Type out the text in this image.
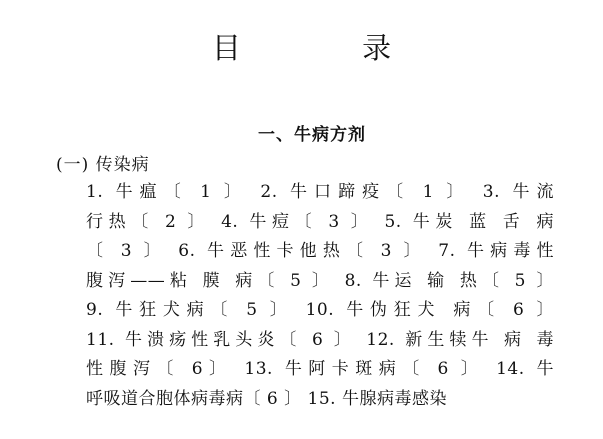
目 录
一、牛病方剂
(一) 传染病
1. 牛瘟〔 1 〕 2. 牛口蹄疫〔 1 〕 3. 牛流
行热〔 2 〕 4. 牛痘〔 3 〕 5. 牛炭 蓝 舌 病
〔 3 〕 6. 牛恶性卡他热〔 3 〕 7. 牛病毒性
腹泻——粘 膜 病〔 5 〕 8. 牛运 输 热〔 5 〕
9. 牛狂犬病〔 5 〕 10. 牛伪狂犬 病〔 6 〕
11. 牛溃疡性乳头炎〔 6 〕 12. 新生犊牛 病 毒
性腹泻〔 6〕 13. 牛阿卡斑病〔 6 〕 14. 牛
呼吸道合胞体病毒病〔 6 〕 15. 牛腺病毒感染
